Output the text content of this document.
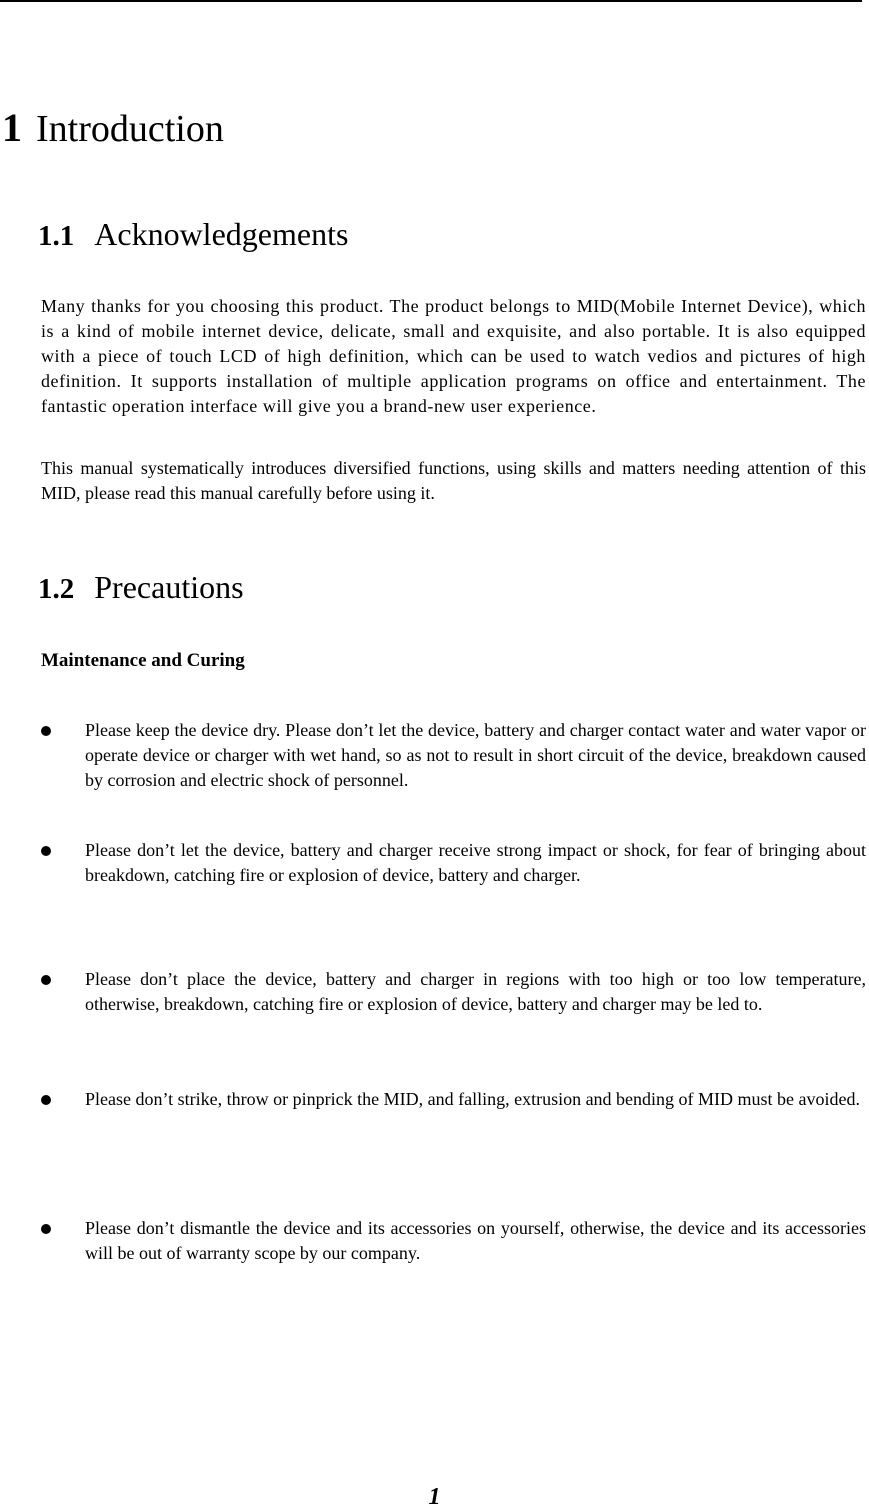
1 Introduction
1.1 Acknowledgements

Many thanks for you choosing this product. The product belongs to MID(Mobile Internet Device), which is a kind of mobile internet device, delicate, small and exquisite, and also portable. It is also equipped with a piece of touch LCD of high definition, which can be used to watch vedios and pictures of high definition. It supports installation of multiple application programs on office and entertainment. The fantastic operation interface will give you a brand-new user experience.

This manual systematically introduces diversified functions, using skills and matters needing attention of this MID, please read this manual carefully before using it.

1.2 Precautions
Maintenance and Curing

Please keep the device dry. Please don’t let the device, battery and charger contact water and water vapor or operate device or charger with wet hand, so as not to result in short circuit of the device, breakdown caused by corrosion and electric shock of personnel.

Please don’t let the device, battery and charger receive strong impact or shock, for fear of bringing about breakdown, catching fire or explosion of device, battery and charger.

Please don’t place the device, battery and charger in regions with too high or too low temperature, otherwise, breakdown, catching fire or explosion of device, battery and charger may be led to.

Please don’t strike, throw or pinprick the MID, and falling, extrusion and bending of MID must be avoided.

Please don’t dismantle the device and its accessories on yourself, otherwise, the device and its accessories will be out of warranty scope by our company.

1
